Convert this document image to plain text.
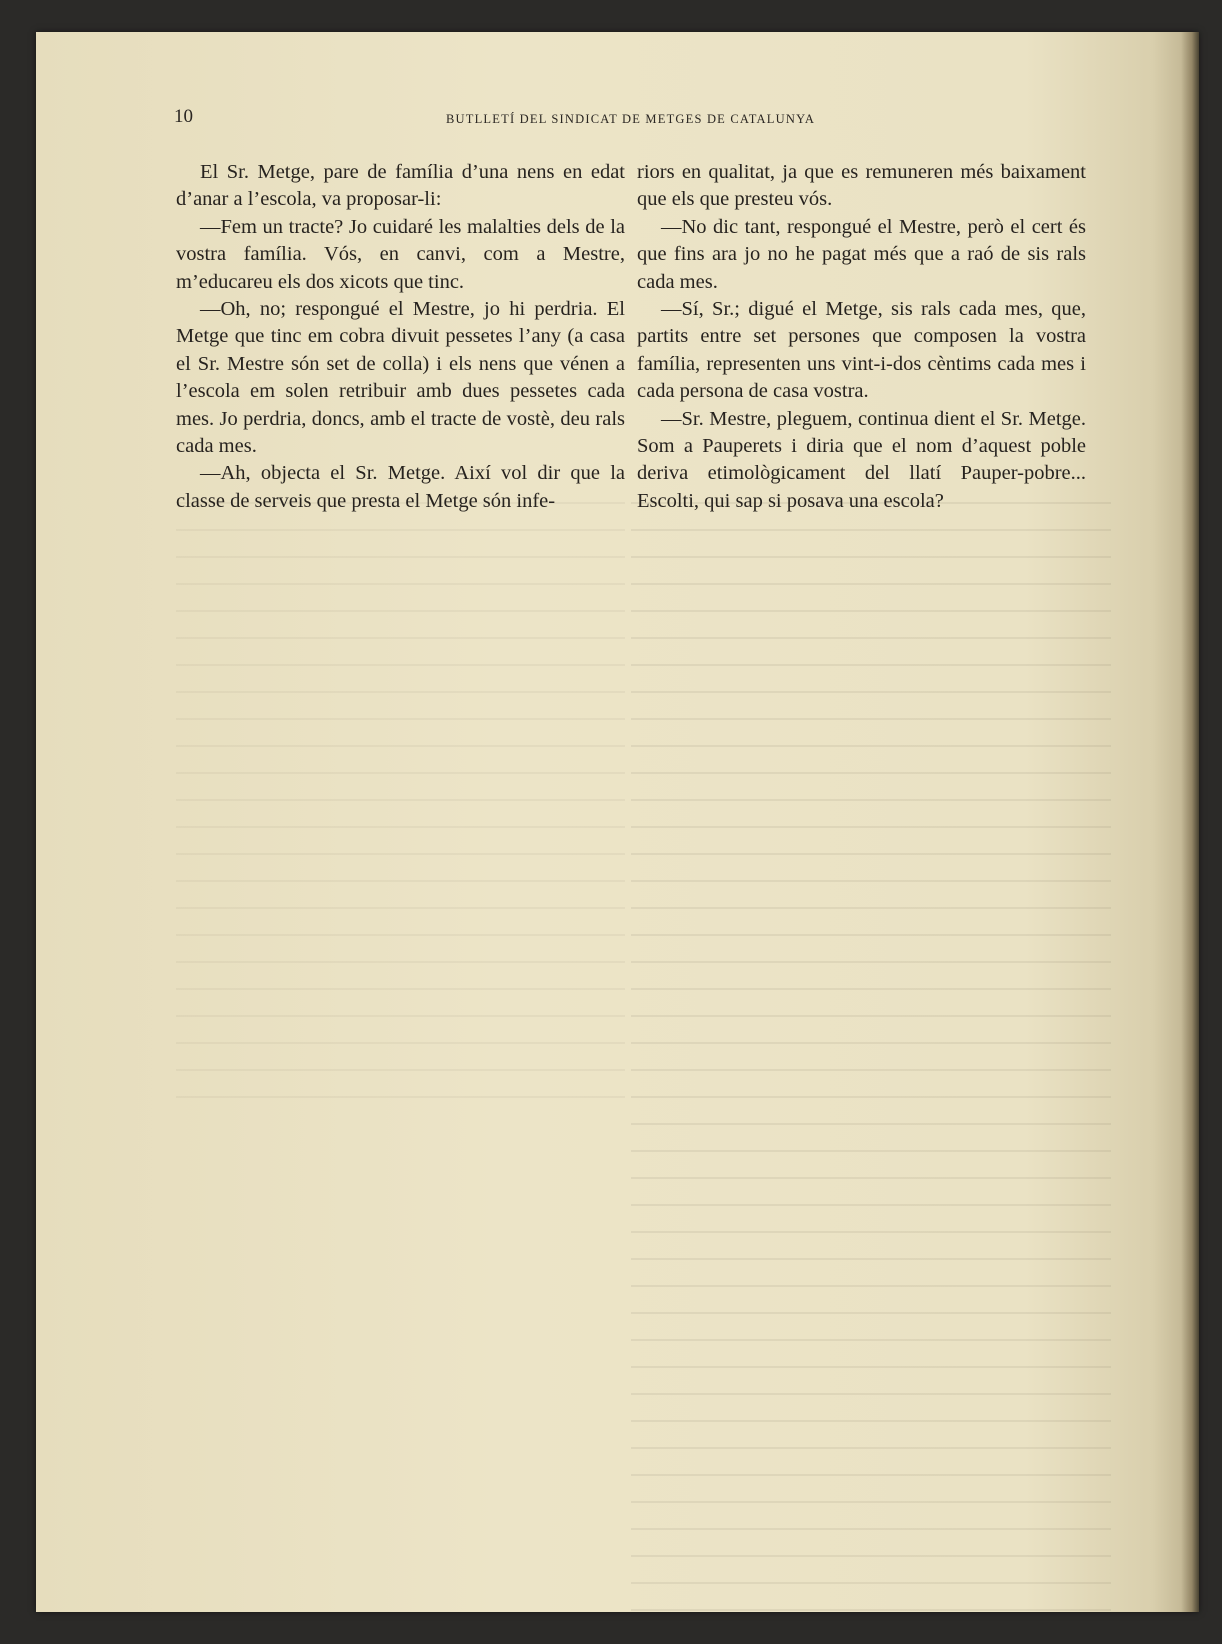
10	BUTLLETÍ DEL SINDICAT DE METGES DE CATALUNYA

El Sr. Metge, pare de família d’una nens en edat d’anar a l’escola, va proposar-li:

—Fem un tracte? Jo cuidaré les malalties dels de la vostra família. Vós, en canvi, com a Mestre, m’educareu els dos xicots que tinc.

—Oh, no; respongué el Mestre, jo hi perdria. El Metge que tinc em cobra divuit pessetes l’any (a casa el Sr. Mestre són set de colla) i els nens que vénen a l’escola em solen retribuir amb dues pessetes cada mes. Jo perdria, doncs, amb el tracte de vostè, deu rals cada mes.

—Ah, objecta el Sr. Metge. Així vol dir que la classe de serveis que presta el Metge són infe-

riors en qualitat, ja que es remuneren més baixament que els que presteu vós.

—No dic tant, respongué el Mestre, però el cert és que fins ara jo no he pagat més que a raó de sis rals cada mes.

—Sí, Sr.; digué el Metge, sis rals cada mes, que, partits entre set persones que composen la vostra família, representen uns vint-i-dos cèntims cada mes i cada persona de casa vostra.

—Sr. Mestre, pleguem, continua dient el Sr. Metge. Som a Pauperets i diria que el nom d’aquest poble deriva etimològicament del llatí Pauper-pobre... Escolti, qui sap si posava una escola?
